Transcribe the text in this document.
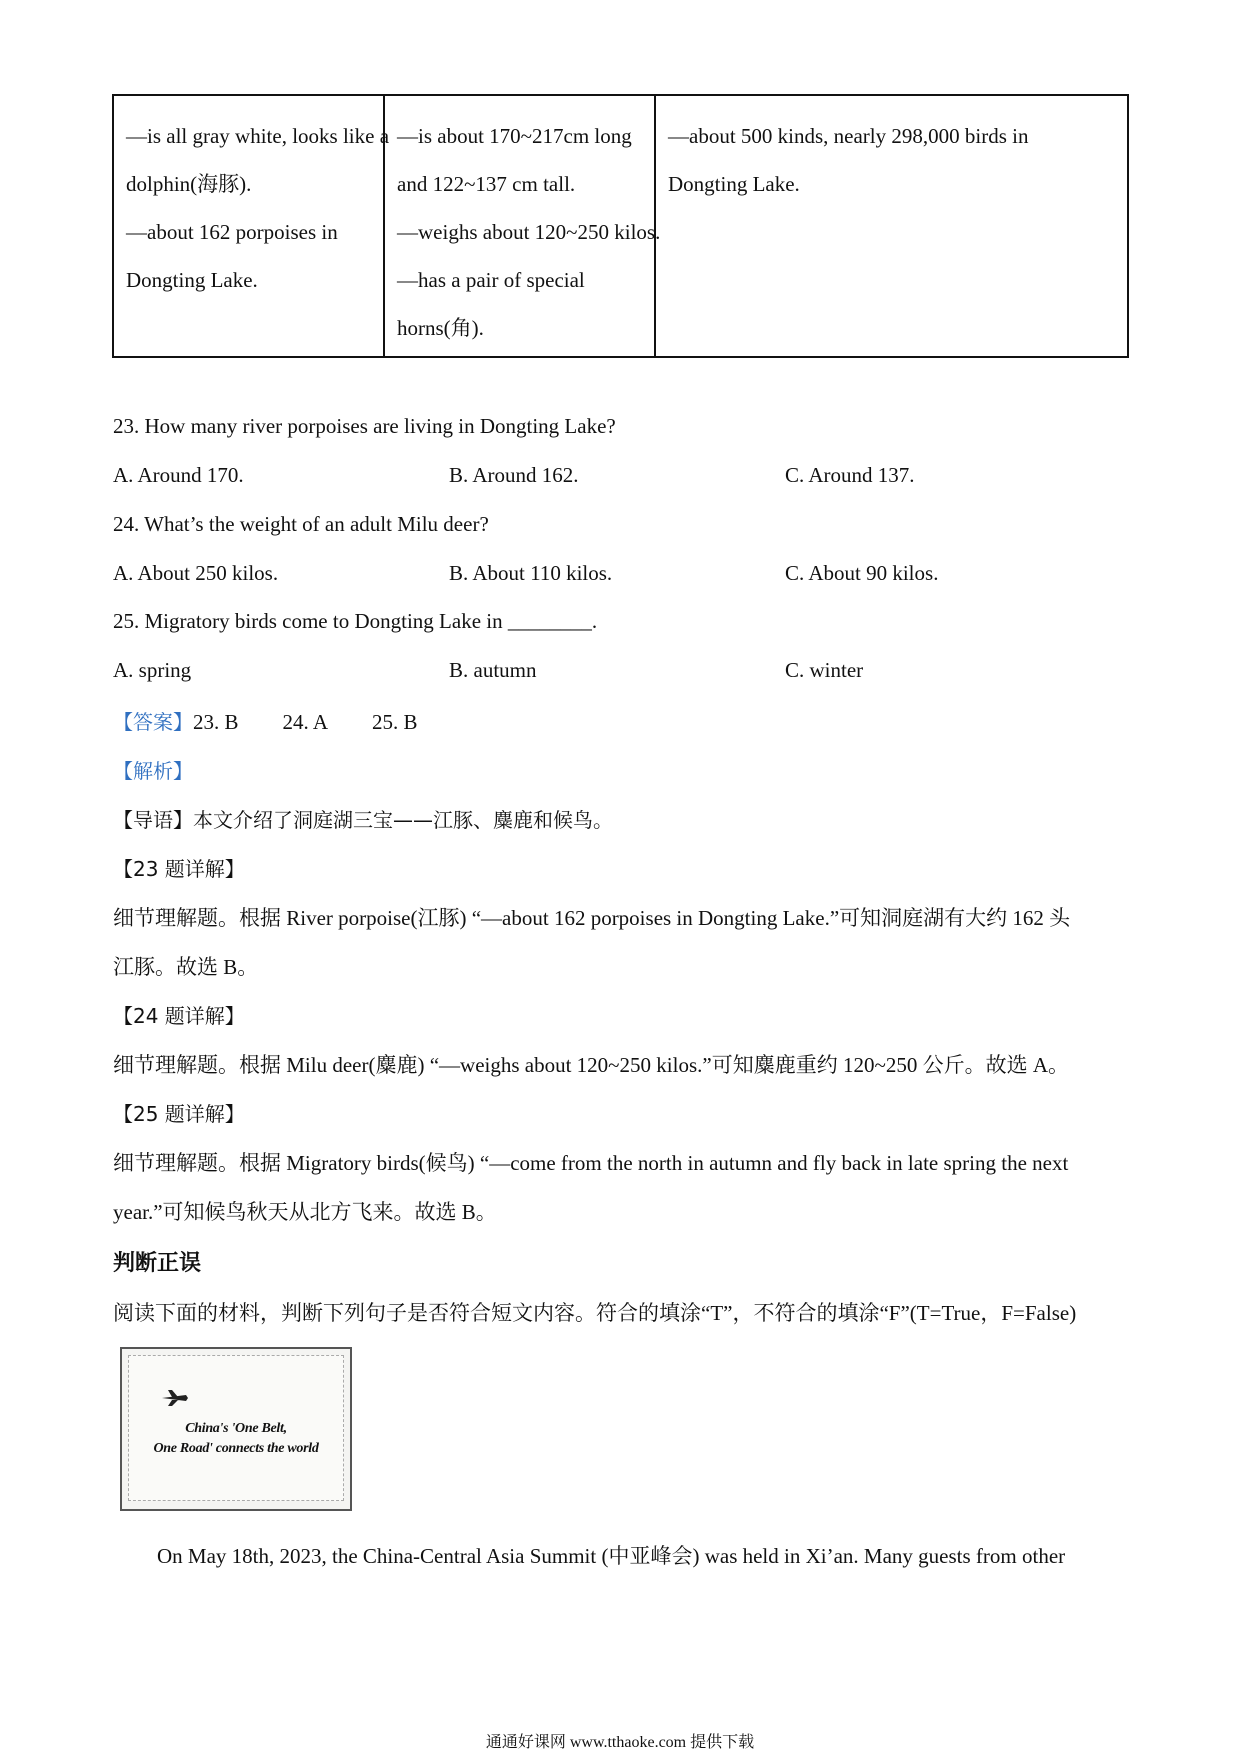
—is all gray white, looks like a
dolphin(海豚).
—about 162 porpoises in
Dongting Lake.

—is about 170~217cm long
and 122~137 cm tall.
—weighs about 120~250 kilos.
—has a pair of special
horns(角).

—about 500 kinds, nearly 298,000 birds in
Dongting Lake.
23. How many river porpoises are living in Dongting Lake?
A. Around 170.	B. Around 162.	C. Around 137.
24. What’s the weight of an adult Milu deer?
A. About 250 kilos.	B. About 110 kilos.	C. About 90 kilos.
25. Migratory birds come to Dongting Lake in ________.
A. spring	B. autumn	C. winter
【答案】23. B 24. A 25. B
【解析】
【导语】本文介绍了洞庭湖三宝——江豚、麋鹿和候鸟。
【23 题详解】
细节理解题。根据 River porpoise(江豚) “—about 162 porpoises in Dongting Lake.”可知洞庭湖有大约 162 头
江豚。故选 B。
【24 题详解】
细节理解题。根据 Milu deer(麋鹿) “—weighs about 120~250 kilos.”可知麋鹿重约 120~250 公斤。故选 A。
【25 题详解】
细节理解题。根据 Migratory birds(候鸟) “—come from the north in autumn and fly back in late spring the next
year.”可知候鸟秋天从北方飞来。故选 B。
判断正误
阅读下面的材料，判断下列句子是否符合短文内容。符合的填涂“T”，不符合的填涂“F”(T=True，F=False)
China's 'One Belt,
One Road' connects the world
On May 18th, 2023, the China-Central Asia Summit (中亚峰会) was held in Xi’an. Many guests from other
通通好课网 www.tthaoke.com 提供下载
